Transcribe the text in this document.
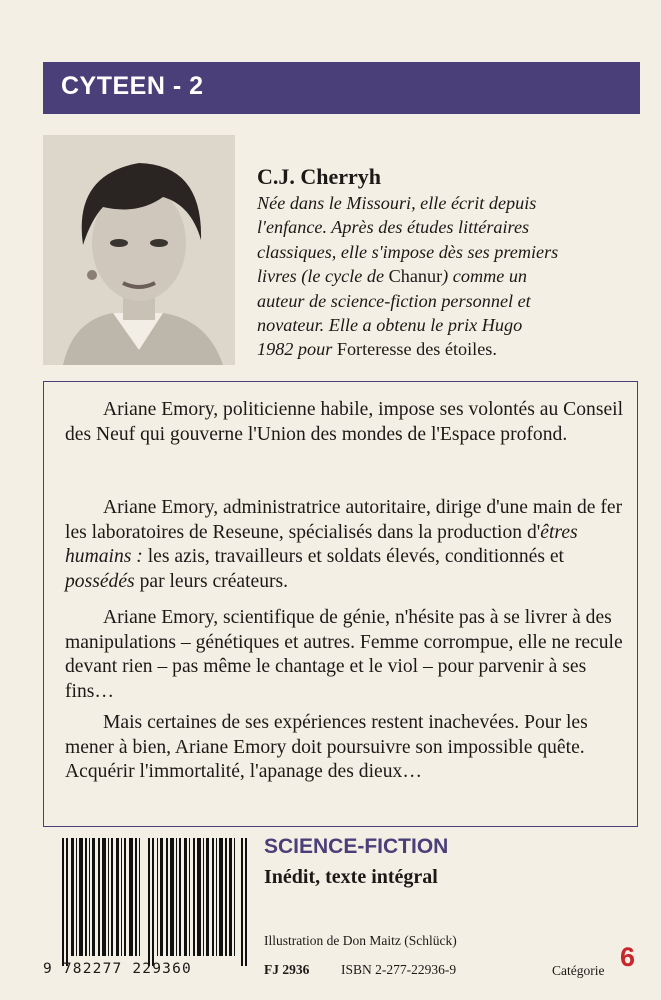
CYTEEN - 2
C.J. Cherryh
Née dans le Missouri, elle écrit depuis
l'enfance. Après des études littéraires
classiques, elle s'impose dès ses premiers
livres (le cycle de Chanur) comme un
auteur de science-fiction personnel et
novateur. Elle a obtenu le prix Hugo
1982 pour Forteresse des étoiles.

Ariane Emory, politicienne habile, impose ses volontés au Conseil des Neuf qui gouverne l'Union des mondes de l'Espace profond.

Ariane Emory, administratrice autoritaire, dirige d'une main de fer les laboratoires de Reseune, spécialisés dans la production d'êtres humains : les azis, travailleurs et soldats élevés, conditionnés et possédés par leurs créateurs.

Ariane Emory, scientifique de génie, n'hésite pas à se livrer à des manipulations – génétiques et autres. Femme corrompue, elle ne recule devant rien – pas même le chantage et le viol – pour parvenir à ses fins…

Mais certaines de ses expériences restent inachevées. Pour les mener à bien, Ariane Emory doit poursuivre son impossible quête. Acquérir l'immortalité, l'apanage des dieux…

9 782277 229360
SCIENCE-FICTION
Inédit, texte intégral
Illustration de Don Maitz (Schlück)
FJ 2936 ISBN 2-277-22936-9	Catégorie 6
